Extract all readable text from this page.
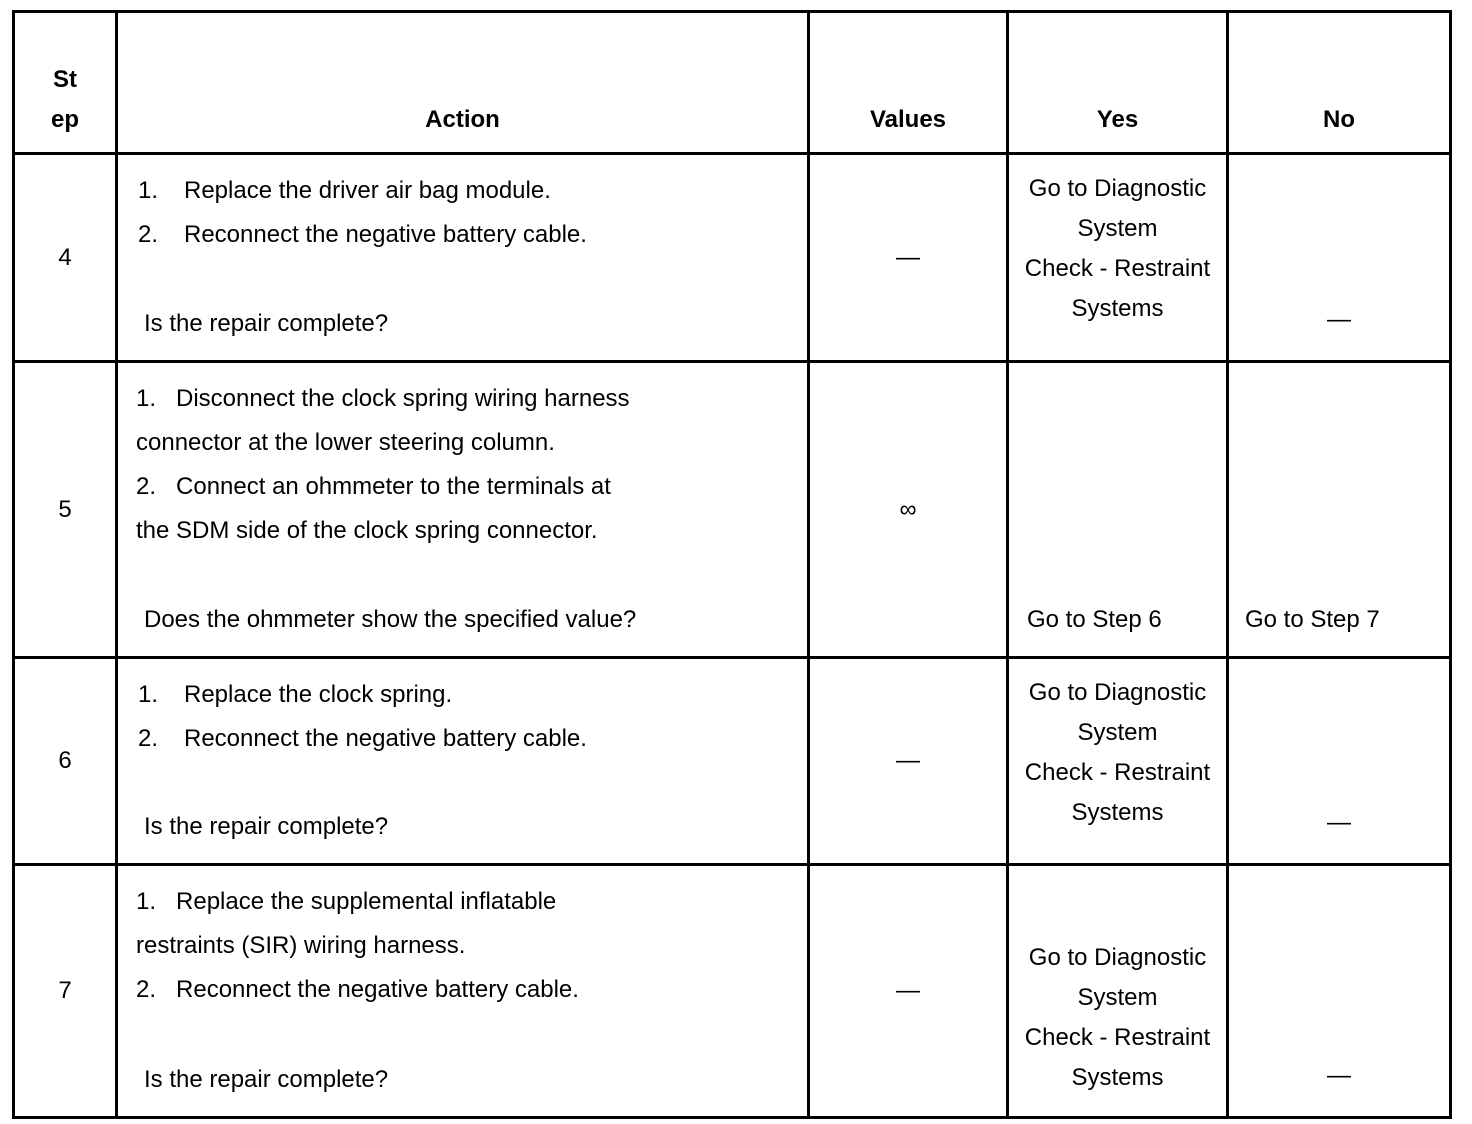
St
ep	Action	Values	Yes	No
4	1. Replace the driver air bag module.
2. Reconnect the negative battery cable.
Is the repair complete?	—	Go to Diagnostic
System
Check - Restraint
Systems	—

5	1.   Disconnect the clock spring wiring harness
connector at the lower steering column.
2.   Connect an ohmmeter to the terminals at
the SDM side of the clock spring connector.
Does the ohmmeter show the specified value?	∞	Go to Step 6	Go to Step 7

6	1. Replace the clock spring.
2. Reconnect the negative battery cable.
Is the repair complete?	—	Go to Diagnostic
System
Check - Restraint
Systems	—

7	1.   Replace the supplemental inflatable
restraints (SIR) wiring harness.
2.   Reconnect the negative battery cable.
Is the repair complete?	—	Go to Diagnostic
System
Check - Restraint
Systems	—
